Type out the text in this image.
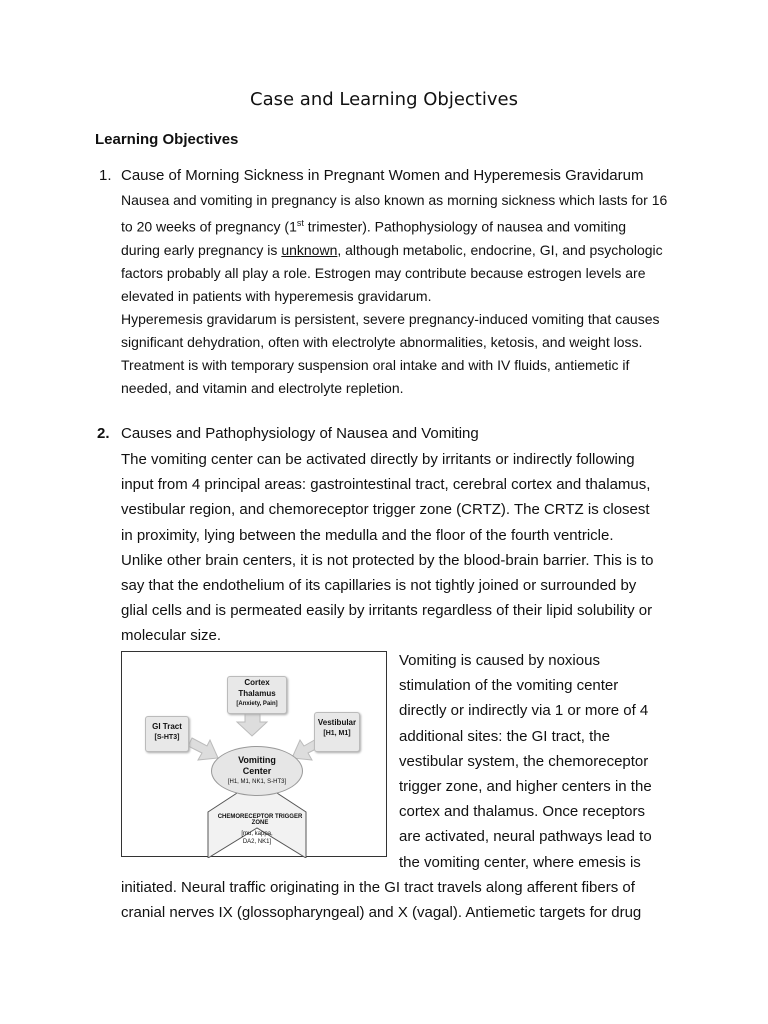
Case and Learning Objectives
Learning Objectives
1. Cause of Morning Sickness in Pregnant Women and Hyperemesis Gravidarum
Nausea and vomiting in pregnancy is also known as morning sickness which lasts for 16
to 20 weeks of pregnancy (1st trimester). Pathophysiology of nausea and vomiting
during early pregnancy is unknown, although metabolic, endocrine, GI, and psychologic
factors probably all play a role. Estrogen may contribute because estrogen levels are
elevated in patients with hyperemesis gravidarum.
Hyperemesis gravidarum is persistent, severe pregnancy-induced vomiting that causes
significant dehydration, often with electrolyte abnormalities, ketosis, and weight loss.
Treatment is with temporary suspension oral intake and with IV fluids, antiemetic if
needed, and vitamin and electrolyte repletion.
2. Causes and Pathophysiology of Nausea and Vomiting
The vomiting center can be activated directly by irritants or indirectly following
input from 4 principal areas: gastrointestinal tract, cerebral cortex and thalamus,
vestibular region, and chemoreceptor trigger zone (CRTZ). The CRTZ is closest
in proximity, lying between the medulla and the floor of the fourth ventricle.
Unlike other brain centers, it is not protected by the blood-brain barrier. This is to
say that the endothelium of its capillaries is not tightly joined or surrounded by
glial cells and is permeated easily by irritants regardless of their lipid solubility or
molecular size.
Cortex
Thalamus
[Anxiety, Pain]
GI Tract
[S-HT3]
Vestibular
[H1, M1]
Vomiting
Center
[H1, M1, NK1, S-HT3]
CHEMORECEPTOR TRIGGER ZONE
[mu, kappa,
DA2, NK1]
Vomiting is caused by noxious
stimulation of the vomiting center
directly or indirectly via 1 or more of 4
additional sites: the GI tract, the
vestibular system, the chemoreceptor
trigger zone, and higher centers in the
cortex and thalamus. Once receptors
are activated, neural pathways lead to
the vomiting center, where emesis is
initiated. Neural traffic originating in the GI tract travels along afferent fibers of
cranial nerves IX (glossopharyngeal) and X (vagal). Antiemetic targets for drug
